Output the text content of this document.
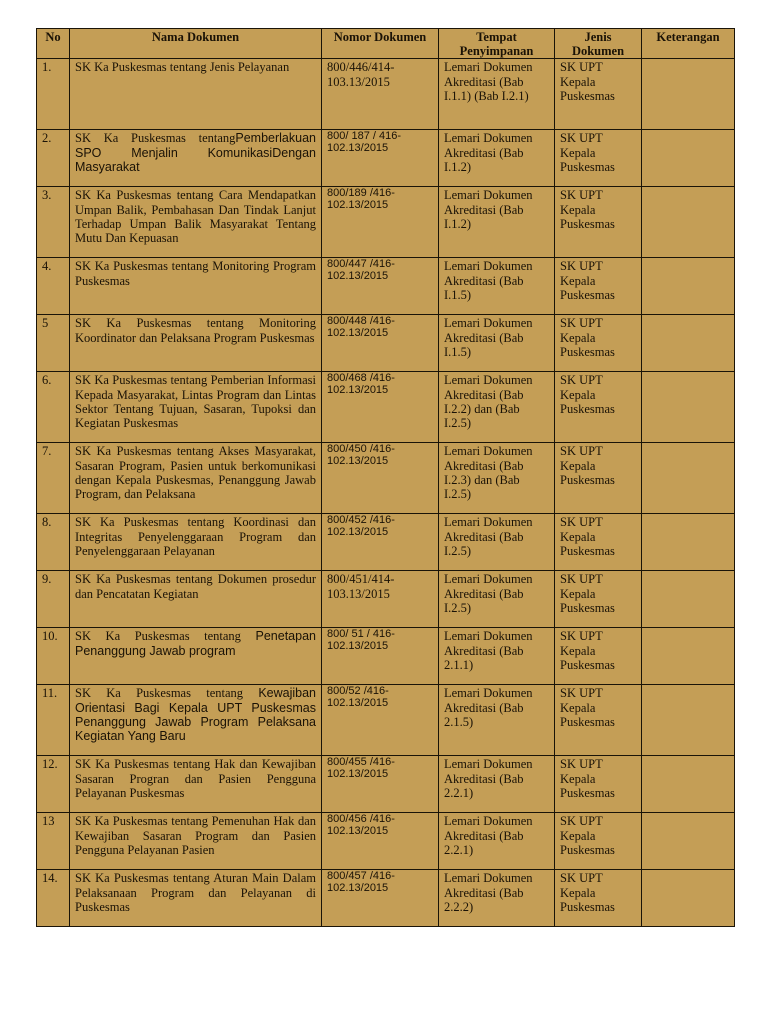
No	Nama Dokumen	Nomor Dokumen	Tempat Penyimpanan	Jenis Dokumen	Keterangan
1.	SK Ka Puskesmas tentang Jenis Pelayanan	800/446/414-103.13/2015	Lemari Dokumen Akreditasi (Bab I.1.1) (Bab I.2.1)	SK UPT Kepala Puskesmas	
2.	SK Ka Puskesmas tentangPemberlakuan SPO Menjalin KomunikasiDengan Masyarakat	800/ 187 / 416-102.13/2015	Lemari Dokumen Akreditasi (Bab I.1.2)	SK UPT Kepala Puskesmas	
3.	SK Ka Puskesmas tentang Cara Mendapatkan Umpan Balik, Pembahasan Dan Tindak Lanjut Terhadap Umpan Balik Masyarakat Tentang Mutu Dan Kepuasan	800/189 /416-102.13/2015	Lemari Dokumen Akreditasi (Bab I.1.2)	SK UPT Kepala Puskesmas	
4.	SK Ka Puskesmas tentang Monitoring Program Puskesmas	800/447 /416-102.13/2015	Lemari Dokumen Akreditasi (Bab I.1.5)	SK UPT Kepala Puskesmas	
5	SK Ka Puskesmas tentang Monitoring Koordinator dan Pelaksana Program Puskesmas	800/448 /416-102.13/2015	Lemari Dokumen Akreditasi (Bab I.1.5)	SK UPT Kepala Puskesmas	
6.	SK Ka Puskesmas tentang Pemberian Informasi Kepada Masyarakat, Lintas Program dan Lintas Sektor Tentang Tujuan, Sasaran, Tupoksi dan Kegiatan Puskesmas	800/468 /416-102.13/2015	Lemari Dokumen Akreditasi (Bab I.2.2) dan (Bab I.2.5)	SK UPT Kepala Puskesmas	
7.	SK Ka Puskesmas tentang Akses Masyarakat, Sasaran Program, Pasien untuk berkomunikasi dengan Kepala Puskesmas, Penanggung Jawab Program, dan Pelaksana	800/450 /416-102.13/2015	Lemari Dokumen Akreditasi (Bab I.2.3) dan (Bab I.2.5)	SK UPT Kepala Puskesmas	
8.	SK Ka Puskesmas tentang Koordinasi dan Integritas Penyelenggaraan Program dan Penyelenggaraan Pelayanan	800/452 /416-102.13/2015	Lemari Dokumen Akreditasi (Bab I.2.5)	SK UPT Kepala Puskesmas	
9.	SK Ka Puskesmas tentang Dokumen prosedur dan Pencatatan Kegiatan	800/451/414-103.13/2015	Lemari Dokumen Akreditasi (Bab I.2.5)	SK UPT Kepala Puskesmas	
10.	SK Ka Puskesmas tentang Penetapan Penanggung Jawab program	800/ 51 / 416-102.13/2015	Lemari Dokumen Akreditasi (Bab 2.1.1)	SK UPT Kepala Puskesmas	
11.	SK Ka Puskesmas tentang Kewajiban Orientasi Bagi Kepala UPT Puskesmas Penanggung Jawab Program Pelaksana Kegiatan Yang Baru	800/52 /416-102.13/2015	Lemari Dokumen Akreditasi (Bab 2.1.5)	SK UPT Kepala Puskesmas	
12.	SK Ka Puskesmas tentang Hak dan Kewajiban Sasaran Progran dan Pasien Pengguna Pelayanan Puskesmas	800/455 /416-102.13/2015	Lemari Dokumen Akreditasi (Bab 2.2.1)	SK UPT Kepala Puskesmas	
13	SK Ka Puskesmas tentang Pemenuhan Hak dan Kewajiban Sasaran Program dan Pasien Pengguna Pelayanan Pasien	800/456 /416-102.13/2015	Lemari Dokumen Akreditasi (Bab 2.2.1)	SK UPT Kepala Puskesmas	
14.	SK Ka Puskesmas tentang Aturan Main Dalam Pelaksanaan Program dan Pelayanan di Puskesmas	800/457 /416-102.13/2015	Lemari Dokumen Akreditasi (Bab 2.2.2)	SK UPT Kepala Puskesmas	
